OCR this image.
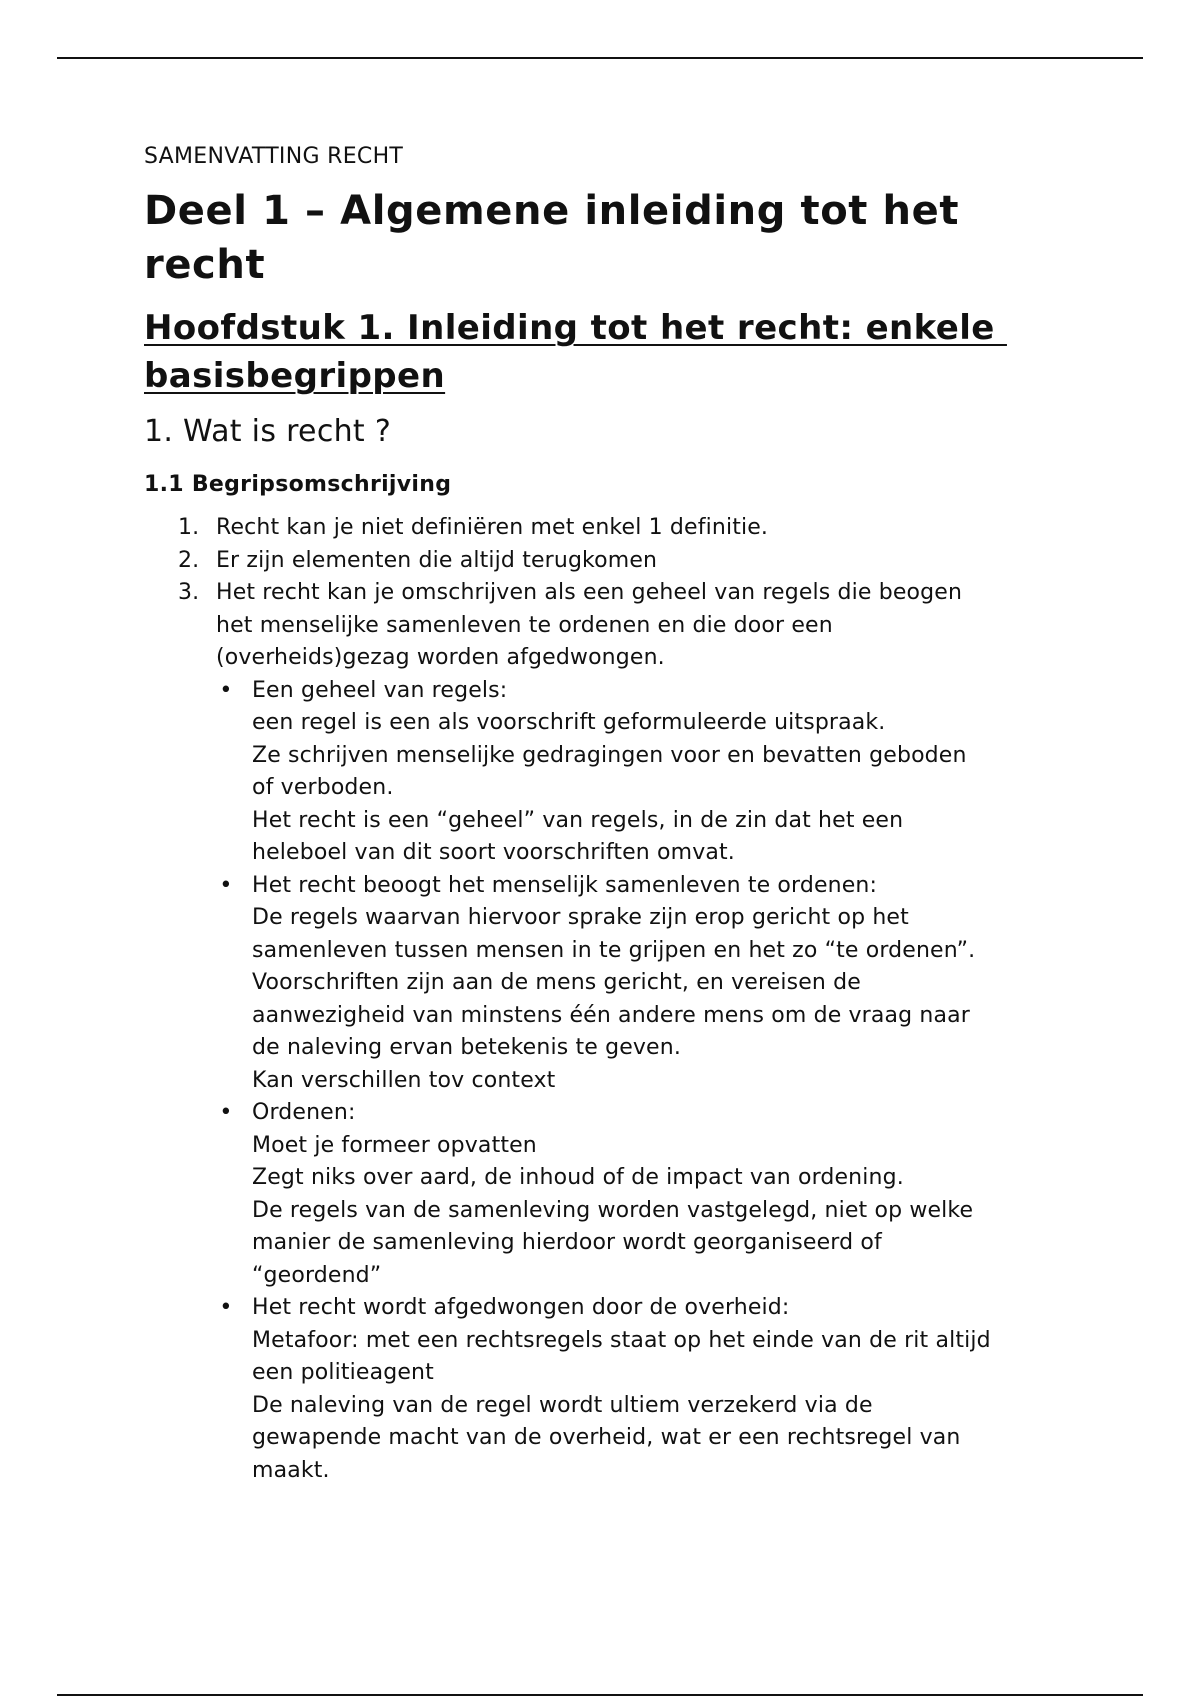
SAMENVATTING RECHT
Deel 1 – Algemene inleiding tot het
recht
Hoofdstuk 1. Inleiding tot het recht: enkele
basisbegrippen
1. Wat is recht ?
1.1 Begripsomschrijving
1. Recht kan je niet definiëren met enkel 1 definitie.
2. Er zijn elementen die altijd terugkomen
3. Het recht kan je omschrijven als een geheel van regels die beogen
het menselijke samenleven te ordenen en die door een
(overheids)gezag worden afgedwongen.
• Een geheel van regels:
een regel is een als voorschrift geformuleerde uitspraak.
Ze schrijven menselijke gedragingen voor en bevatten geboden
of verboden.
Het recht is een “geheel” van regels, in de zin dat het een
heleboel van dit soort voorschriften omvat.
• Het recht beoogt het menselijk samenleven te ordenen:
De regels waarvan hiervoor sprake zijn erop gericht op het
samenleven tussen mensen in te grijpen en het zo “te ordenen”.
Voorschriften zijn aan de mens gericht, en vereisen de
aanwezigheid van minstens één andere mens om de vraag naar
de naleving ervan betekenis te geven.
Kan verschillen tov context
• Ordenen:
Moet je formeer opvatten
Zegt niks over aard, de inhoud of de impact van ordening.
De regels van de samenleving worden vastgelegd, niet op welke
manier de samenleving hierdoor wordt georganiseerd of
“geordend”
• Het recht wordt afgedwongen door de overheid:
Metafoor: met een rechtsregels staat op het einde van de rit altijd
een politieagent
De naleving van de regel wordt ultiem verzekerd via de
gewapende macht van de overheid, wat er een rechtsregel van
maakt.
